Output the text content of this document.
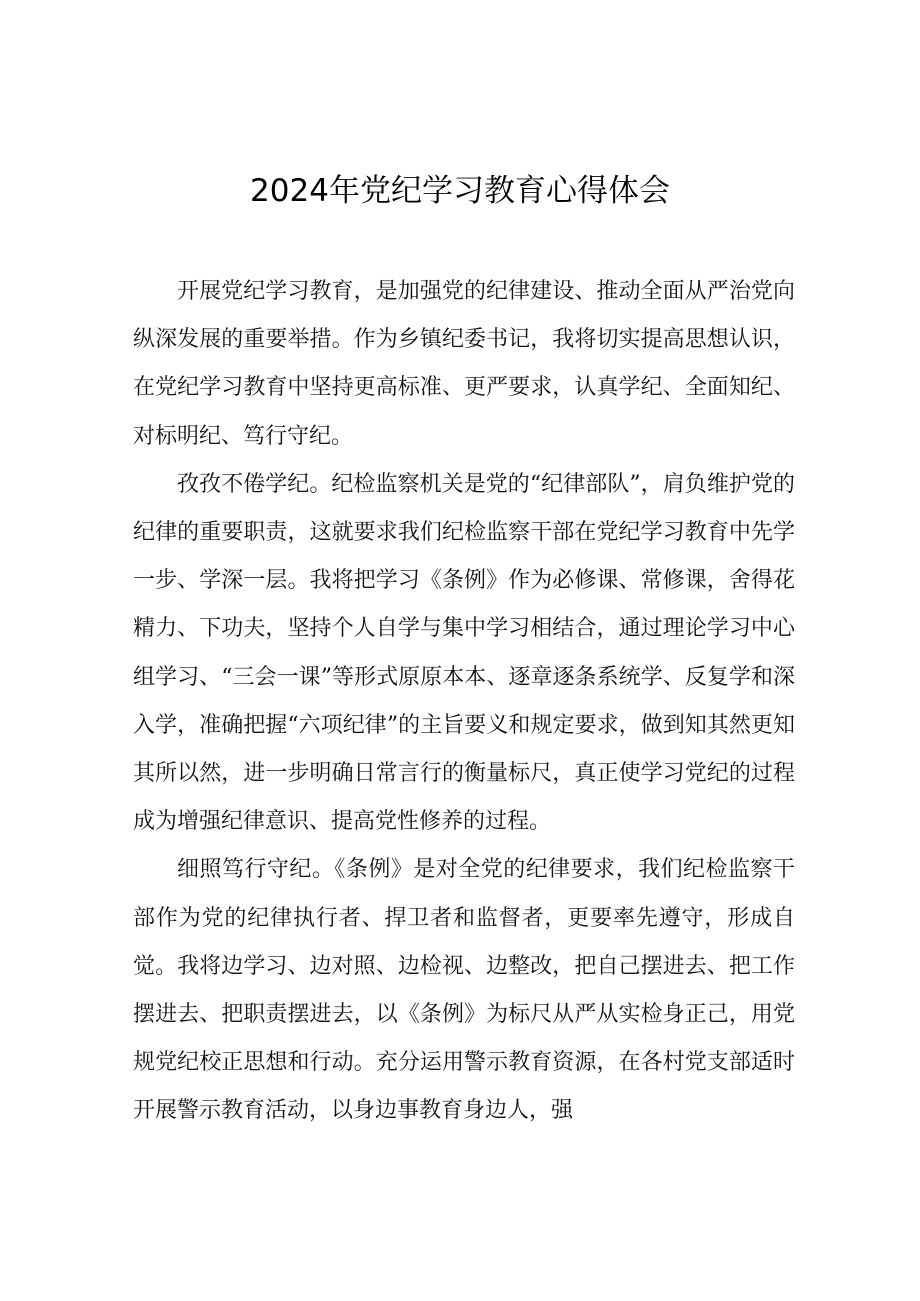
2024年党纪学习教育心得体会

开展党纪学习教育，是加强党的纪律建设、推动全面从严治党向纵深发展的重要举措。作为乡镇纪委书记，我将切实提高思想认识，在党纪学习教育中坚持更高标准、更严要求，认真学纪、全面知纪、对标明纪、笃行守纪。

孜孜不倦学纪。纪检监察机关是党的“纪律部队”，肩负维护党的纪律的重要职责，这就要求我们纪检监察干部在党纪学习教育中先学一步、学深一层。我将把学习《条例》作为必修课、常修课，舍得花精力、下功夫，坚持个人自学与集中学习相结合，通过理论学习中心组学习、“三会一课”等形式原原本本、逐章逐条系统学、反复学和深入学，准确把握“六项纪律”的主旨要义和规定要求，做到知其然更知其所以然，进一步明确日常言行的衡量标尺，真正使学习党纪的过程成为增强纪律意识、提高党性修养的过程。

细照笃行守纪。《条例》是对全党的纪律要求，我们纪检监察干部作为党的纪律执行者、捍卫者和监督者，更要率先遵守，形成自觉。我将边学习、边对照、边检视、边整改，把自己摆进去、把工作摆进去、把职责摆进去，以《条例》为标尺从严从实检身正己，用党规党纪校正思想和行动。充分运用警示教育资源，在各村党支部适时开展警示教育活动，以身边事教育身边人，强
